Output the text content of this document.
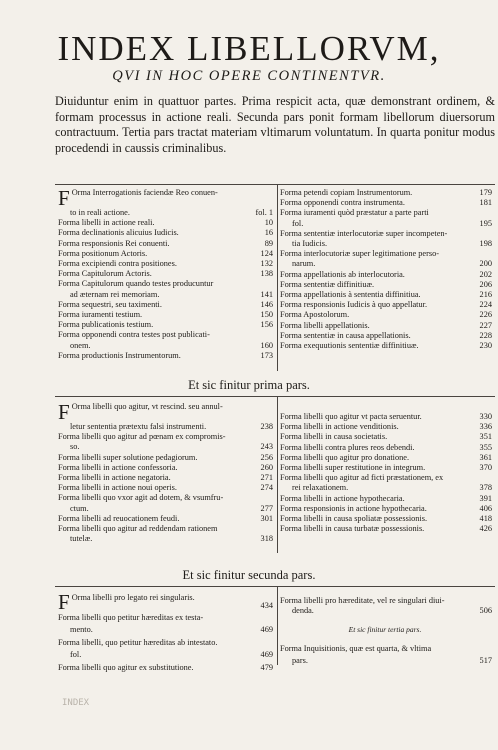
INDEX LIBELLORVM,
QVI IN HOC OPERE CONTINENTVR.
Diuiduntur enim in quattuor partes. Prima respicit acta, quæ demonstrant ordinem, & formam processus in actione reali. Secunda pars ponit formam libellorum diuersorum contractuum. Tertia pars tractat materiam vltimarum voluntatum. In quarta ponitur modus procedendi in caussis criminalibus.
F Orma Interrogationis faciendæ Reo conuen-
to in reali actione.	fol. 1
Forma libelli in actione reali.	10
Forma declinationis alicuius Iudicis.	16
Forma responsionis Rei conuenti.	89
Forma positionum Actoris.	124
Forma excipiendi contra positiones.	132
Forma Capitulorum Actoris.	138
Forma Capitulorum quando testes producuntur
ad æternam rei memoriam.	141
Forma sequestri, seu taximenti.	146
Forma iuramenti testium.	150
Forma publicationis testium.	156
Forma opponendi contra testes post publicati-
onem.	160
Forma productionis Instrumentorum.	173
Forma petendi copiam Instrumentorum.	179
Forma opponendi contra instrumenta.	181
Forma iuramenti quòd præstatur a parte parti
fol.	195
Forma sententiæ interlocutoriæ super incompeten-
tia Iudicis.	198
Forma interlocutoriæ super legitimatione perso-
narum.	200
Forma appellationis ab interlocutoria.	202
Forma sententiæ diffinitiuæ.	206
Forma appellationis à sententia diffinitiua.	216
Forma responsionis Iudicis à quo appellatur.	224
Forma Apostolorum.	226
Forma libelli appellationis.	227
Forma sententiæ in causa appellationis.	228
Forma exequutionis sententiæ diffinitiuæ.	230
Et sic finitur prima pars.
F Orma libelli quo agitur, vt rescind. seu annul-
letur sententia prætextu falsi instrumenti.	238
Forma libelli quo agitur ad pœnam ex compromis-
so.	243
Forma libelli super solutione pedagiorum.	256
Forma libelli in actione confessoria.	260
Forma libelli in actione negatoria.	271
Forma libelli in actione noui operis.	274
Forma libelli quo vxor agit ad dotem, & vsumfru-
ctum.	277
Forma libelli ad reuocationem feudi.	301
Forma libelli quo agitur ad reddendam rationem
tutelæ.	318
Forma libelli quo agitur vt pacta seruentur.	330
Forma libelli in actione venditionis.	336
Forma libelli in causa societatis.	351
Forma libelli contra plures reos debendi.	355
Forma libelli quo agitur pro donatione.	361
Forma libelli super restitutione in integrum.	370
Forma libelli quo agitur ad ficti præstationem, ex
rei relaxationem.	378
Forma libelli in actione hypothecaria.	391
Forma responsionis in actione hypothecaria.	406
Forma libelli in causa spoliatæ possessionis.	418
Forma libelli in causa turbatæ possessionis.	426
Et sic finitur secunda pars.
F Orma libelli pro legato rei singularis.
434
Forma libelli quo petitur hæreditas ex testa-
mento.	469
Forma libelli, quo petitur hæreditas ab intestato.
fol.	469
Forma libelli quo agitur ex substitutione.	479
Forma libelli pro hæreditate, vel re singulari diui-
denda.	506
Et sic finitur tertia pars.
Forma Inquisitionis, quæ est quarta, & vltima
pars.	517
INDEX
